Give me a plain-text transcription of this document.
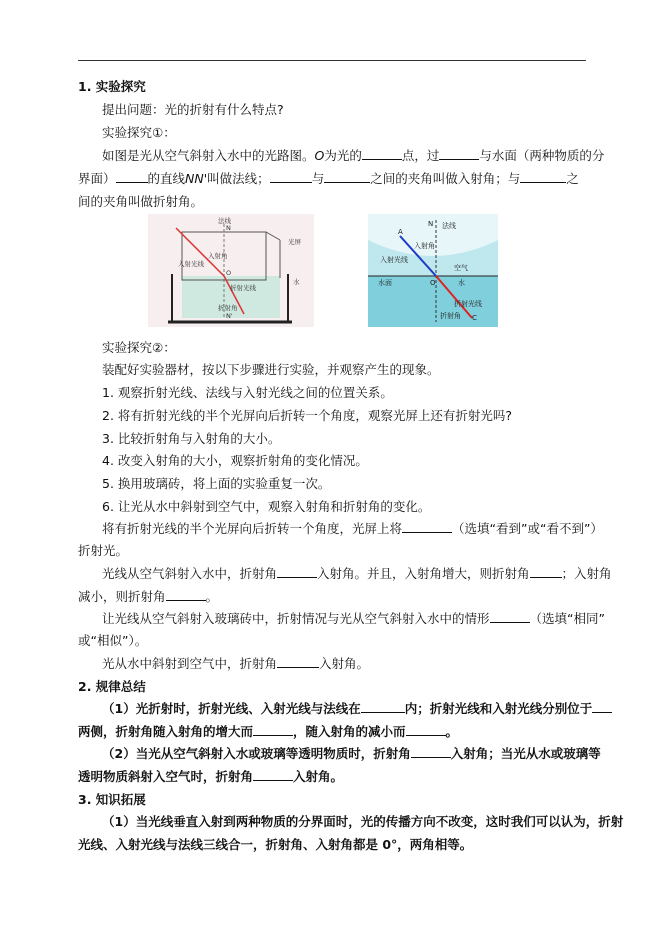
1. 实验探究
提出问题：光的折射有什么特点?
实验探究①：
如图是光从空气斜射入水中的光路图。O为光的	点，过	与水面（两种物质的分
界面）	的直线NN'叫做法线；	与	之间的夹角叫做入射角；与	之
间的夹角叫做折射角。
法线
N
入射光线
入射角
光屏
O
折射光线
水
折射角
N'
法线
A
N
入射角
入射光线
空气
水面	O	水
折射光线
折射角 C
实验探究②：
装配好实验器材，按以下步骤进行实验，并观察产生的现象。
1. 观察折射光线、法线与入射光线之间的位置关系。
2. 将有折射光线的半个光屏向后折转一个角度，观察光屏上还有折射光吗?
3. 比较折射角与入射角的大小。
4. 改变入射角的大小，观察折射角的变化情况。
5. 换用玻璃砖，将上面的实验重复一次。
6. 让光从水中斜射到空气中，观察入射角和折射角的变化。
将有折射光线的半个光屏向后折转一个角度，光屏上将	（选填“看到”或“看不到”）
折射光。
光线从空气斜射入水中，折射角	入射角。并且，入射角增大，则折射角	；入射角
减小，则折射角	。
让光线从空气斜射入玻璃砖中，折射情况与光从空气斜射入水中的情形	（选填“相同”
或“相似”）。
光从水中斜射到空气中，折射角	入射角。
2. 规律总结
（1）光折射时，折射光线、入射光线与法线在	内；折射光线和入射光线分别位于
两侧，折射角随入射角的增大而	，随入射角的减小而	。
（2）当光从空气斜射入水或玻璃等透明物质时，折射角	入射角；当光从水或玻璃等
透明物质斜射入空气时，折射角	入射角。
3. 知识拓展
（1）当光线垂直入射到两种物质的分界面时，光的传播方向不改变，这时我们可以认为，折射
光线、入射光线与法线三线合一，折射角、入射角都是 0°，两角相等。
